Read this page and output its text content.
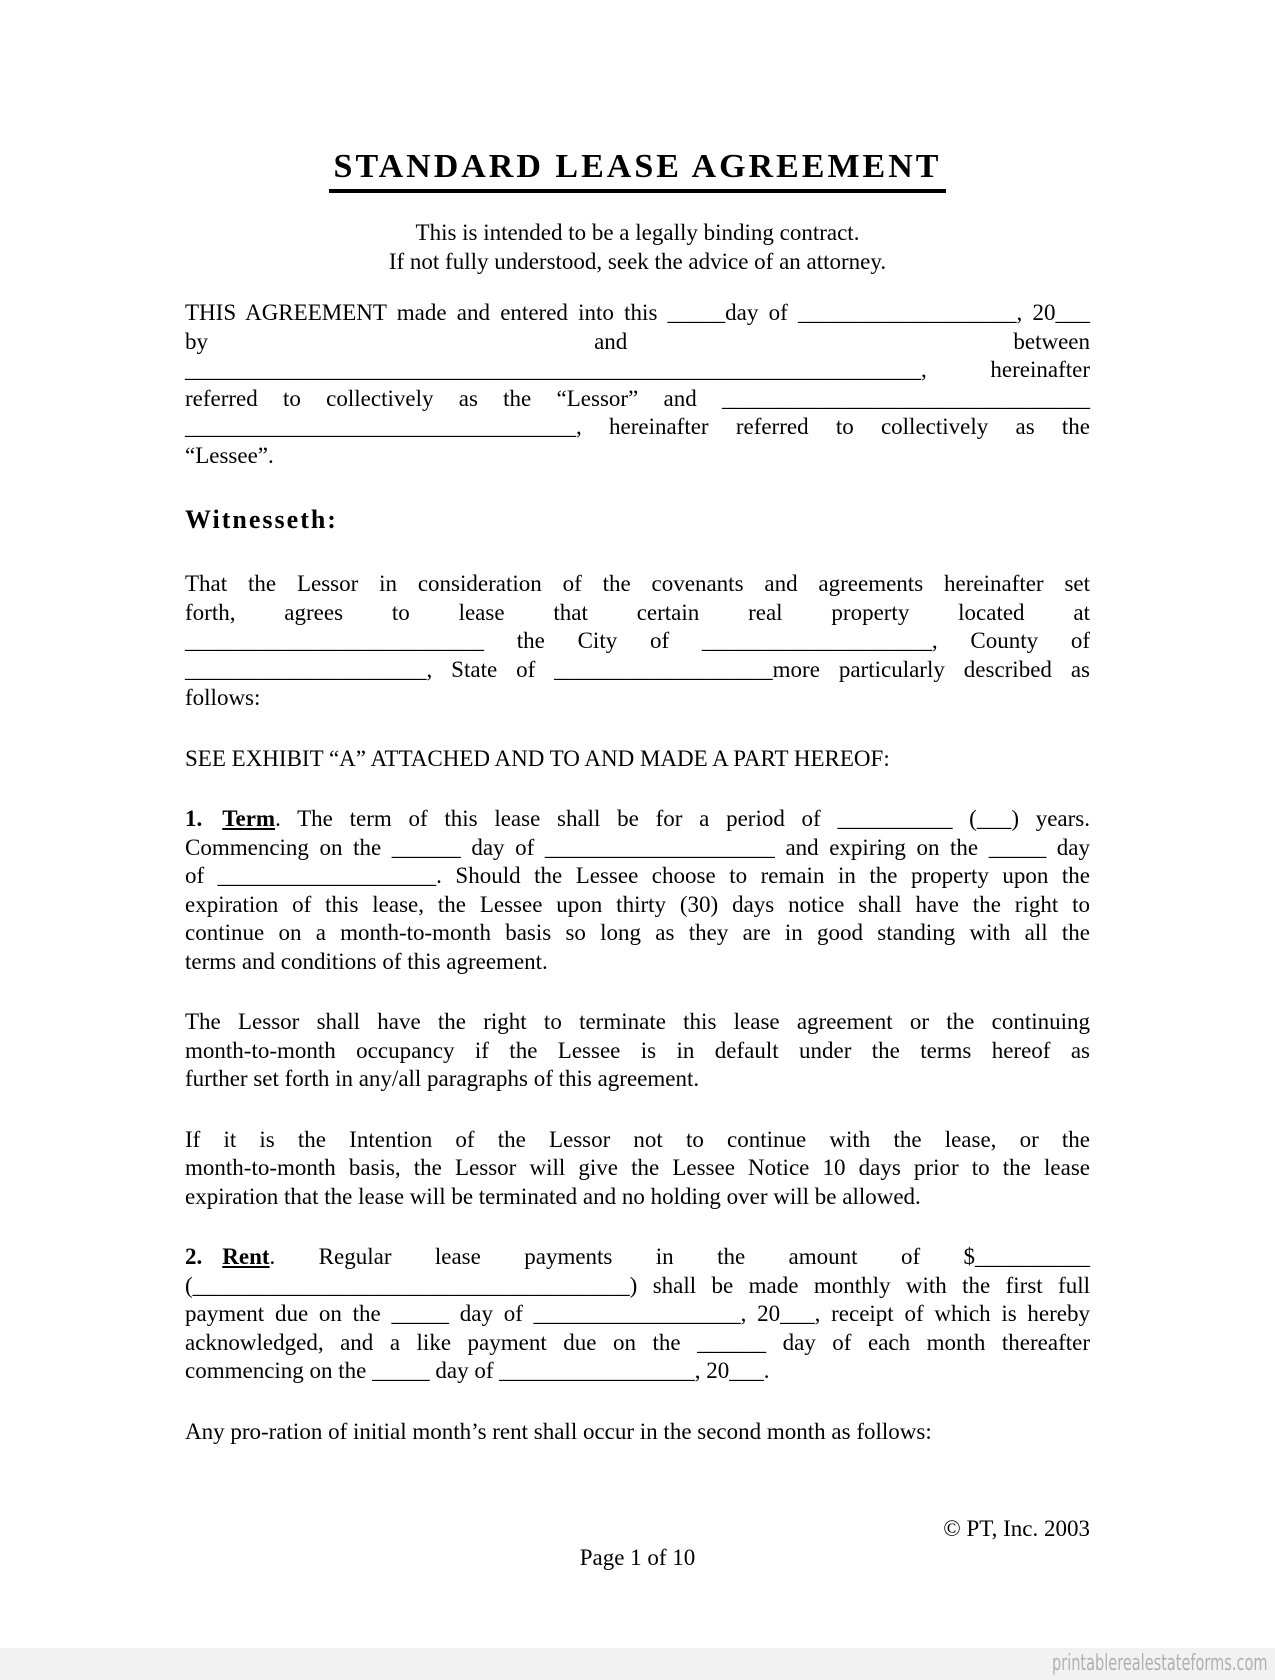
STANDARD LEASE AGREEMENT
This is intended to be a legally binding contract.
If not fully understood, seek the advice of an attorney.
THIS AGREEMENT made and entered into this _____day of ___________________, 20___
by and between
________________________________________________________________, hereinafter
referred to collectively as the “Lessor” and ________________________________
__________________________________, hereinafter referred to collectively as the
“Lessee”.
Witnesseth:
That the Lessor in consideration of the covenants and agreements hereinafter set
forth, agrees to lease that certain real property located at
__________________________ the City of ____________________, County of
_____________________, State of ___________________more particularly described as
follows:
SEE EXHIBIT “A” ATTACHED AND TO AND MADE A PART HEREOF:
1. Term. The term of this lease shall be for a period of __________ (___) years.
Commencing on the ______ day of ____________________ and expiring on the _____ day
of ___________________. Should the Lessee choose to remain in the property upon the
expiration of this lease, the Lessee upon thirty (30) days notice shall have the right to
continue on a month-to-month basis so long as they are in good standing with all the
terms and conditions of this agreement.
The Lessor shall have the right to terminate this lease agreement or the continuing
month-to-month occupancy if the Lessee is in default under the terms hereof as
further set forth in any/all paragraphs of this agreement.
If it is the Intention of the Lessor not to continue with the lease, or the
month-to-month basis, the Lessor will give the Lessee Notice 10 days prior to the lease
expiration that the lease will be terminated and no holding over will be allowed.
2. Rent. Regular lease payments in the amount of $__________
(______________________________________) shall be made monthly with the first full
payment due on the _____ day of __________________, 20___, receipt of which is hereby
acknowledged, and a like payment due on the ______ day of each month thereafter
commencing on the _____ day of _________________, 20___.
Any pro-ration of initial month’s rent shall occur in the second month as follows:
© PT, Inc. 2003
Page 1 of 10
printablerealestateforms.com
